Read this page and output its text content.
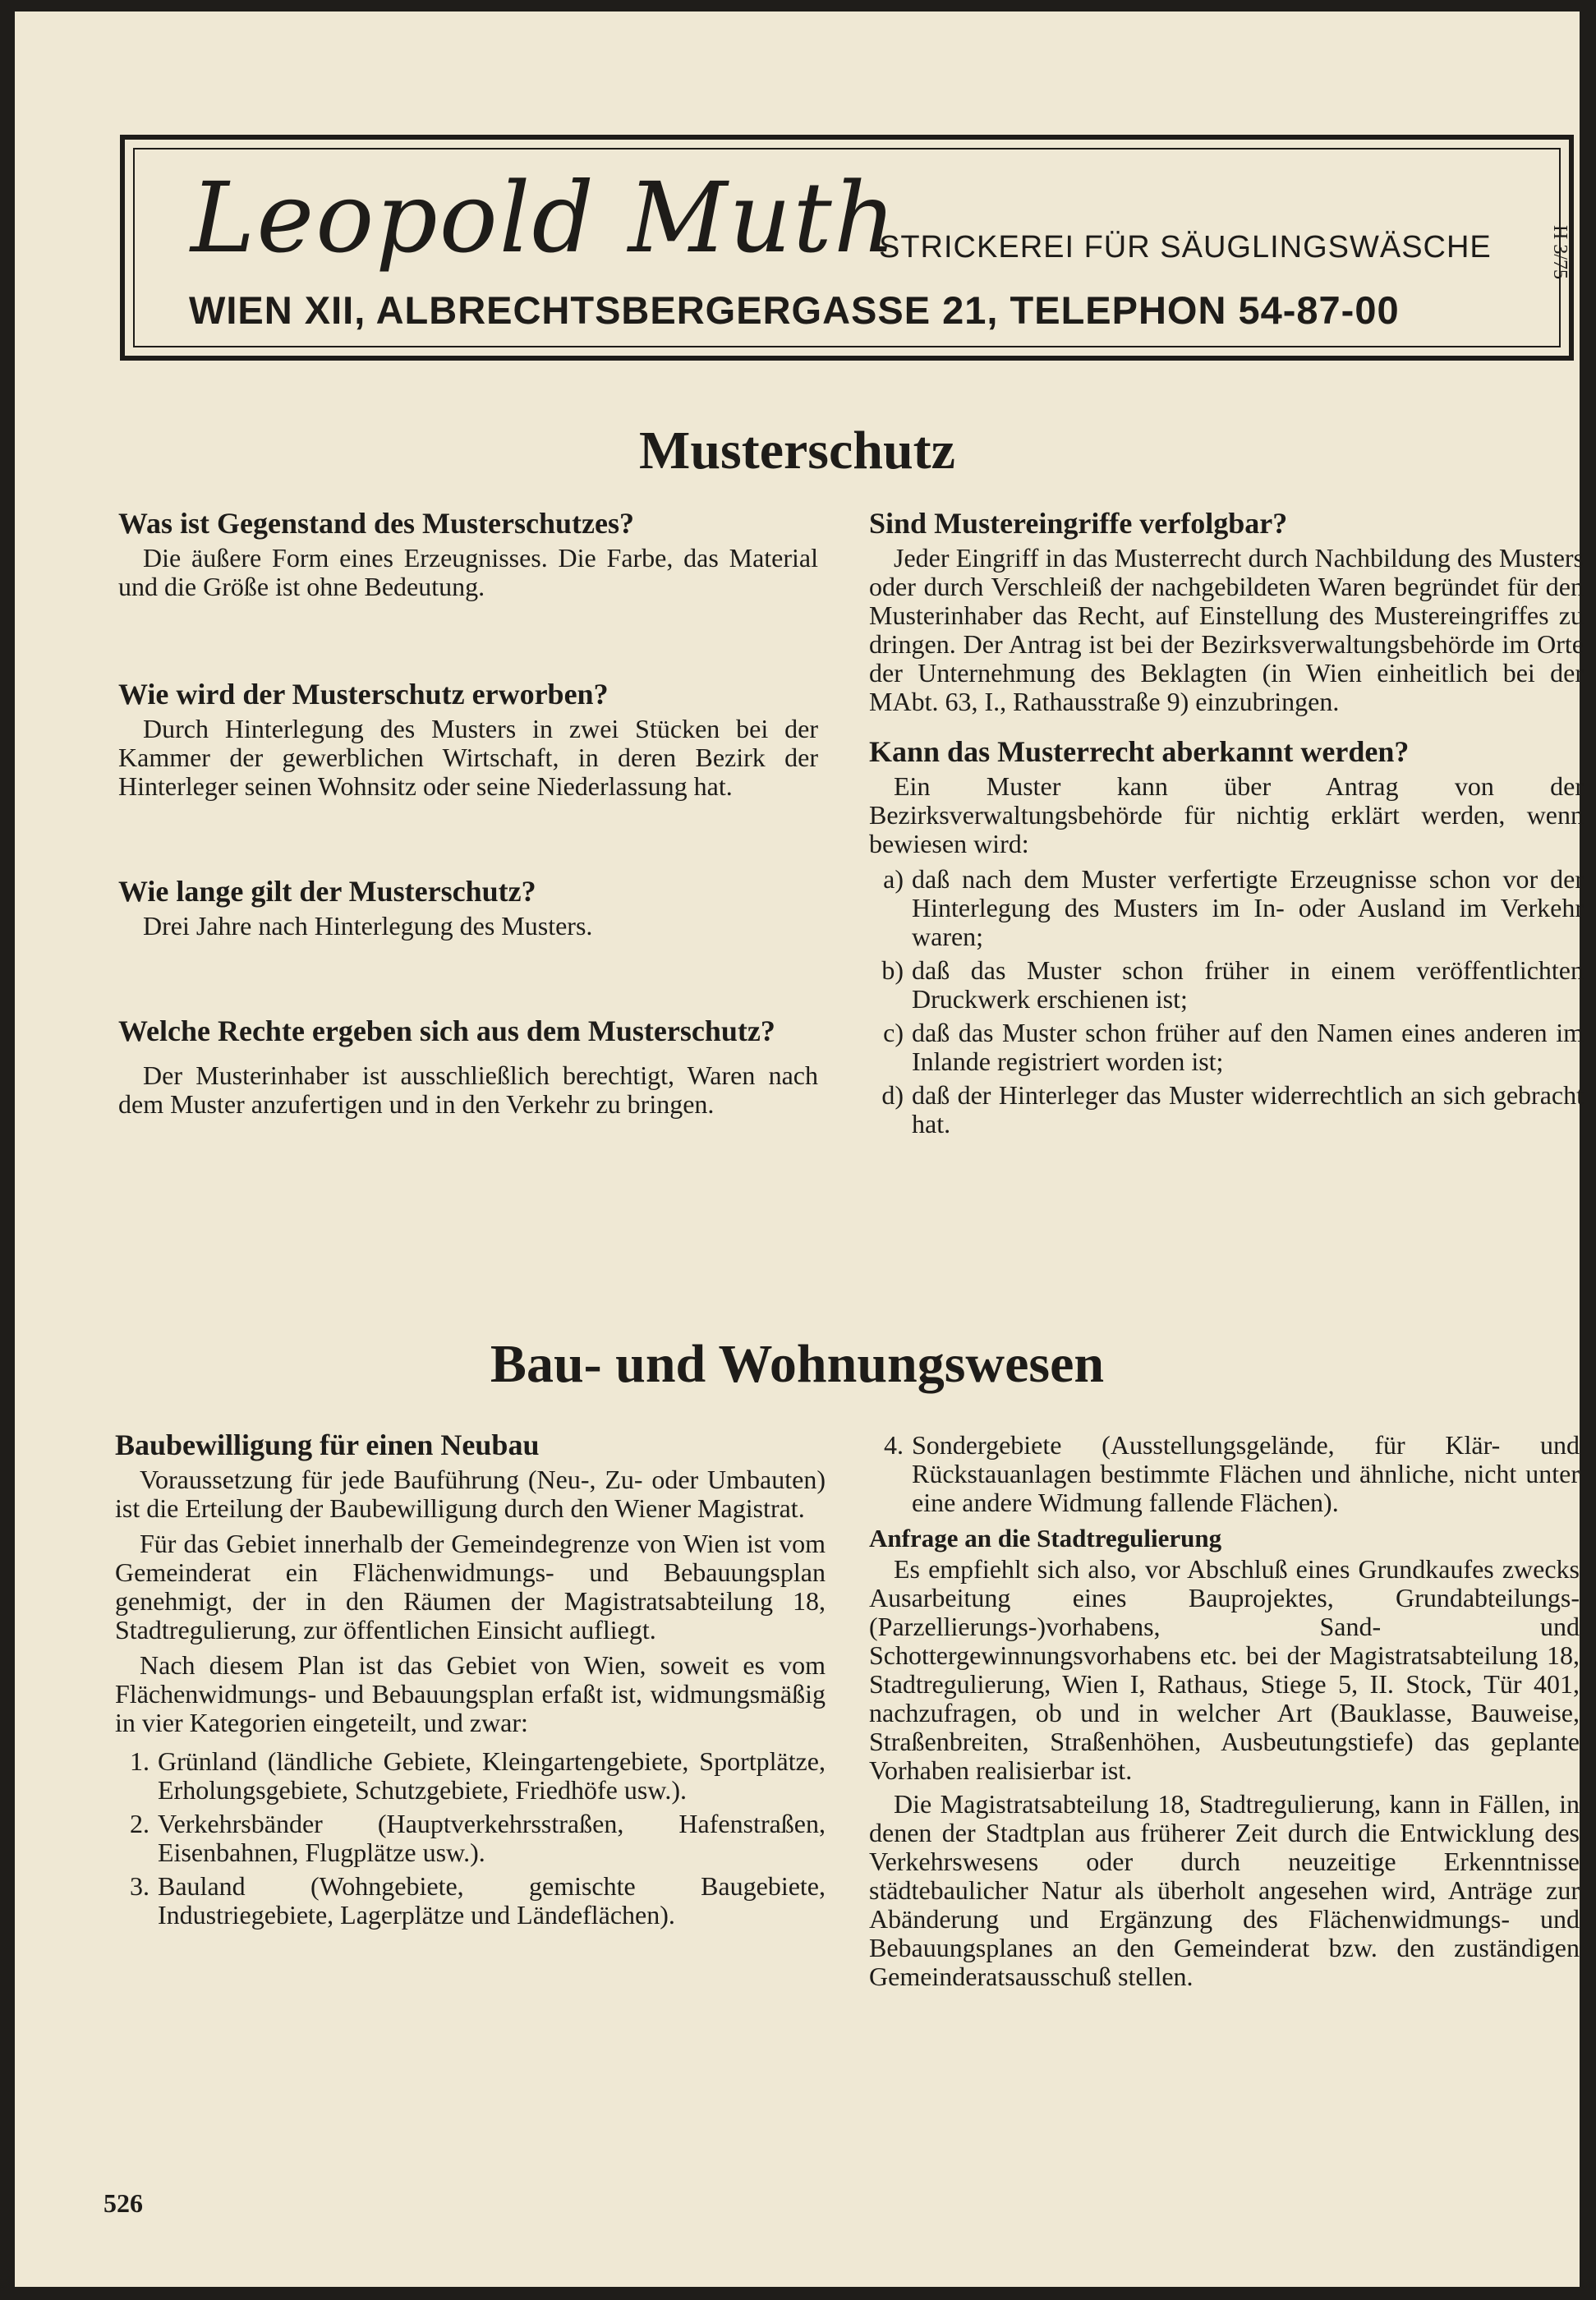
Leopold Muth
STRICKEREI FÜR SÄUGLINGSWÄSCHE
WIEN XII, ALBRECHTSBERGERGASSE 21, TELEPHON 54-87-00
H 3/75
Musterschutz
Was ist Gegenstand des Musterschutzes?

Die äußere Form eines Erzeugnisses. Die Farbe, das Material und die Größe ist ohne Bedeutung.

Wie wird der Musterschutz erworben?

Durch Hinterlegung des Musters in zwei Stücken bei der Kammer der gewerblichen Wirtschaft, in deren Bezirk der Hinterleger seinen Wohnsitz oder seine Niederlassung hat.

Wie lange gilt der Musterschutz?

Drei Jahre nach Hinterlegung des Musters.

Welche Rechte ergeben sich aus dem Musterschutz?

Der Musterinhaber ist ausschließlich berechtigt, Waren nach dem Muster anzufertigen und in den Verkehr zu bringen.

Sind Mustereingriffe verfolgbar?

Jeder Eingriff in das Musterrecht durch Nachbildung des Musters oder durch Verschleiß der nachgebildeten Waren begründet für den Musterinhaber das Recht, auf Einstellung des Mustereingriffes zu dringen. Der Antrag ist bei der Bezirksverwaltungsbehörde im Orte der Unternehmung des Beklagten (in Wien einheitlich bei der MAbt. 63, I., Rathausstraße 9) einzubringen.

Kann das Musterrecht aberkannt werden?

Ein Muster kann über Antrag von der Bezirksverwaltungsbehörde für nichtig erklärt werden, wenn bewiesen wird:

a) daß nach dem Muster verfertigte Erzeugnisse schon vor der Hinterlegung des Musters im In- oder Ausland im Verkehr waren;
b) daß das Muster schon früher in einem veröffentlichten Druckwerk erschienen ist;
c) daß das Muster schon früher auf den Namen eines anderen im Inlande registriert worden ist;
d) daß der Hinterleger das Muster widerrechtlich an sich gebracht hat.
Bau- und Wohnungswesen
Baubewilligung für einen Neubau

Voraussetzung für jede Bauführung (Neu-, Zu- oder Umbauten) ist die Erteilung der Baubewilligung durch den Wiener Magistrat.

Für das Gebiet innerhalb der Gemeindegrenze von Wien ist vom Gemeinderat ein Flächenwidmungs- und Bebauungsplan genehmigt, der in den Räumen der Magistratsabteilung 18, Stadtregulierung, zur öffentlichen Einsicht aufliegt.

Nach diesem Plan ist das Gebiet von Wien, soweit es vom Flächenwidmungs- und Bebauungsplan erfaßt ist, widmungsmäßig in vier Kategorien eingeteilt, und zwar:

1. Grünland (ländliche Gebiete, Kleingartengebiete, Sportplätze, Erholungsgebiete, Schutzgebiete, Friedhöfe usw.).
2. Verkehrsbänder (Hauptverkehrsstraßen, Hafenstraßen, Eisenbahnen, Flugplätze usw.).
3. Bauland (Wohngebiete, gemischte Baugebiete, Industriegebiete, Lagerplätze und Ländeflächen).
4. Sondergebiete (Ausstellungsgelände, für Klär- und Rückstauanlagen bestimmte Flächen und ähnliche, nicht unter eine andere Widmung fallende Flächen).
Anfrage an die Stadtregulierung

Es empfiehlt sich also, vor Abschluß eines Grundkaufes zwecks Ausarbeitung eines Bauprojektes, Grundabteilungs-(Parzellierungs-)vorhabens, Sand- und Schottergewinnungsvorhabens etc. bei der Magistratsabteilung 18, Stadtregulierung, Wien I, Rathaus, Stiege 5, II. Stock, Tür 401, nachzufragen, ob und in welcher Art (Bauklasse, Bauweise, Straßenbreiten, Straßenhöhen, Ausbeutungstiefe) das geplante Vorhaben realisierbar ist.

Die Magistratsabteilung 18, Stadtregulierung, kann in Fällen, in denen der Stadtplan aus früherer Zeit durch die Entwicklung des Verkehrswesens oder durch neuzeitige Erkenntnisse städtebaulicher Natur als überholt angesehen wird, Anträge zur Abänderung und Ergänzung des Flächenwidmungs- und Bebauungsplanes an den Gemeinderat bzw. den zuständigen Gemeinderatsausschuß stellen.

526
